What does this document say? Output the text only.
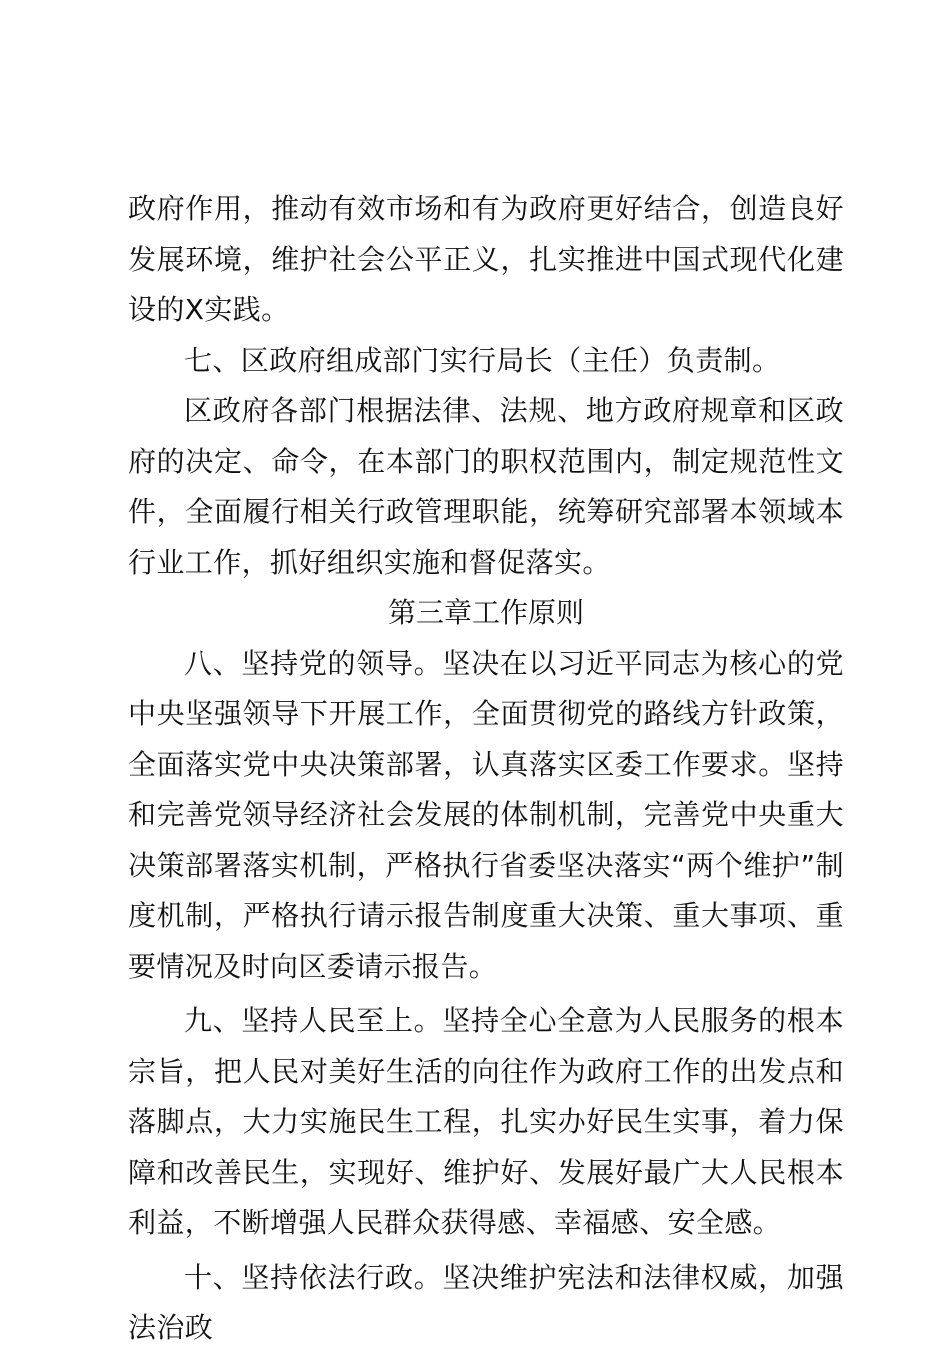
政府作用，推动有效市场和有为政府更好结合，创造良好发展环境，维护社会公平正义，扎实推进中国式现代化建设的X实践。

七、区政府组成部门实行局长（主任）负责制。

区政府各部门根据法律、法规、地方政府规章和区政府的决定、命令，在本部门的职权范围内，制定规范性文件，全面履行相关行政管理职能，统筹研究部署本领域本行业工作，抓好组织实施和督促落实。

第三章工作原则

八、坚持党的领导。坚决在以习近平同志为核心的党中央坚强领导下开展工作，全面贯彻党的路线方针政策，全面落实党中央决策部署，认真落实区委工作要求。坚持和完善党领导经济社会发展的体制机制，完善党中央重大决策部署落实机制，严格执行省委坚决落实“两个维护”制度机制，严格执行请示报告制度重大决策、重大事项、重要情况及时向区委请示报告。

九、坚持人民至上。坚持全心全意为人民服务的根本宗旨，把人民对美好生活的向往作为政府工作的出发点和落脚点，大力实施民生工程，扎实办好民生实事，着力保障和改善民生，实现好、维护好、发展好最广大人民根本利益，不断增强人民群众获得感、幸福感、安全感。

十、坚持依法行政。坚决维护宪法和法律权威，加强法治政
